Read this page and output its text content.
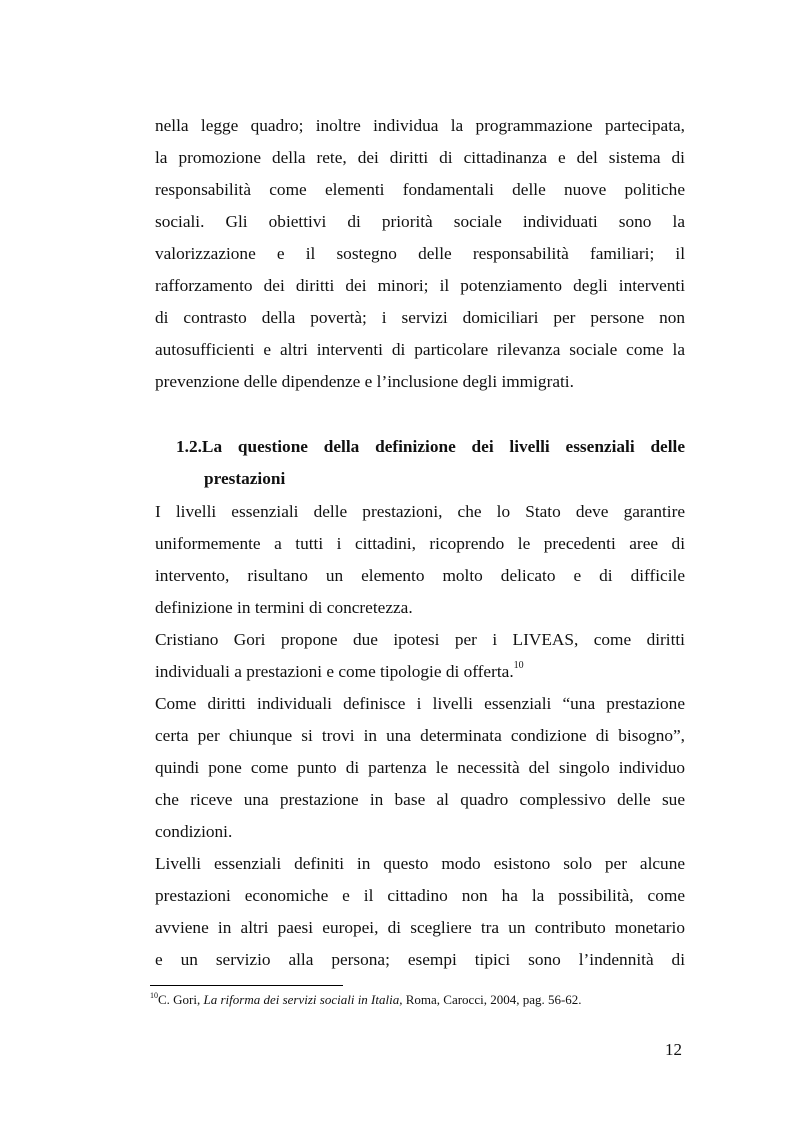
nella legge quadro; inoltre individua la programmazione partecipata,
la promozione della rete, dei diritti di cittadinanza e del sistema di
responsabilità come elementi fondamentali delle nuove politiche
sociali. Gli obiettivi di priorità sociale individuati sono la
valorizzazione e il sostegno delle responsabilità familiari; il
rafforzamento dei diritti dei minori; il potenziamento degli interventi
di contrasto della povertà; i servizi domiciliari per persone non
autosufficienti e altri interventi di particolare rilevanza sociale come la
prevenzione delle dipendenze e l’inclusione degli immigrati.
1.2.La questione della definizione dei livelli essenziali delle
prestazioni
I livelli essenziali delle prestazioni, che lo Stato deve garantire
uniformemente a tutti i cittadini, ricoprendo le precedenti aree di
intervento, risultano un elemento molto delicato e di difficile
definizione in termini di concretezza.
Cristiano Gori propone due ipotesi per i LIVEAS, come diritti
individuali a prestazioni e come tipologie di offerta.$^{10}$
Come diritti individuali definisce i livelli essenziali “una prestazione
certa per chiunque si trovi in una determinata condizione di bisogno”,
quindi pone come punto di partenza le necessità del singolo individuo
che riceve una prestazione in base al quadro complessivo delle sue
condizioni.
Livelli essenziali definiti in questo modo esistono solo per alcune
prestazioni economiche e il cittadino non ha la possibilità, come
avviene in altri paesi europei, di scegliere tra un contributo monetario
e un servizio alla persona; esempi tipici sono l’indennità di
$^{10}$C. Gori, La riforma dei servizi sociali in Italia, Roma, Carocci, 2004, pag. 56-62.
12
